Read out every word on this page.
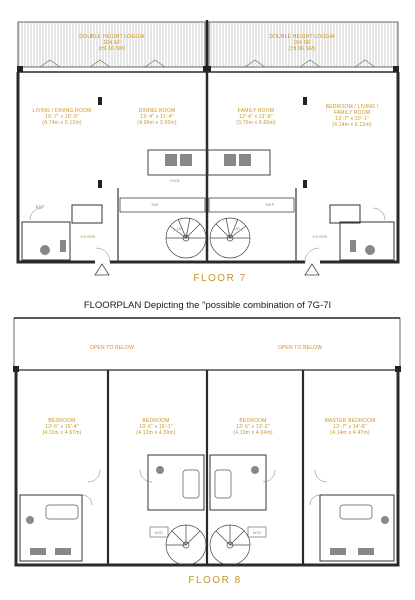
DOUBLE HEIGHT LOGGIA
104 SF
(±9.66 SM)
DOUBLE HEIGHT LOGGIA
104 SF
(±9.66 SM)
LIVING / DINING ROOM
15'-7" x 16'-9"
(4.74m x 5.12m)
DINING ROOM
13'-4" x 11'-4"
(4.06m x 3.50m)
FAMILY ROOM
12'-4" x 21'-8"
(3.76m x 6.60m)
BEDROOM / LIVING / FAMILY ROOM
13'-7" x 20'-1"
(4.14m x 6.12m)
BAR
FOYER	FOYER
UP	UP
DW	REF
OVN
FLOOR 7
FLOORPLAN Depicting the "possible combination of 7G-7I
OPEN TO BELOW	OPEN TO BELOW
BEDROOM
13'-6" x 15'-4"
(4.11m x 4.67m)
BEDROOM
13'-6" x 15'-1"
(4.12m x 4.59m)
BEDROOM
13'-5" x 13'-2"
(4.10m x 4.04m)
MASTER BEDROOM
13'-7" x 14'-8"
(4.14m x 4.47m)
W/D	W/D
FLOOR 8
